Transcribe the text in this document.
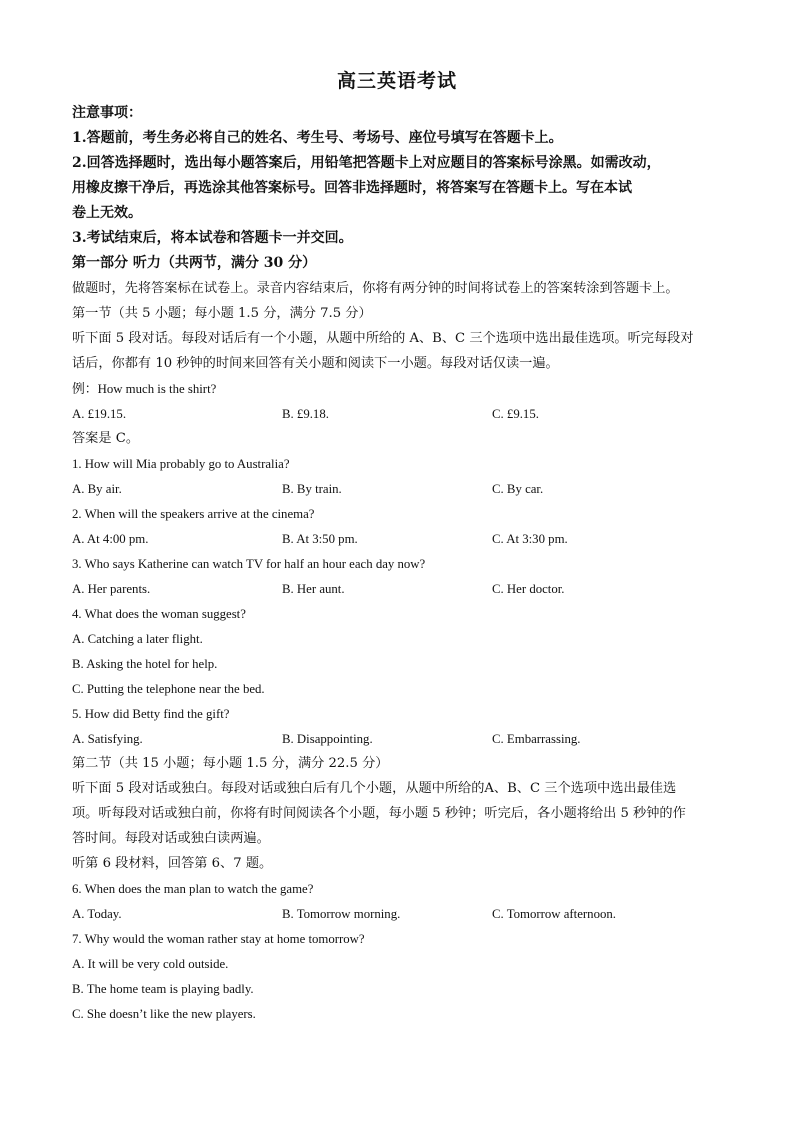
高三英语考试
注意事项：
1.答题前，考生务必将自己的姓名、考生号、考场号、座位号填写在答题卡上。
2.回答选择题时，选出每小题答案后，用铅笔把答题卡上对应题目的答案标号涂黑。如需改动，
用橡皮擦干净后，再选涂其他答案标号。回答非选择题时，将答案写在答题卡上。写在本试
卷上无效。
3.考试结束后，将本试卷和答题卡一并交回。
第一部分 听力（共两节，满分 30 分）
做题时，先将答案标在试卷上。录音内容结束后，你将有两分钟的时间将试卷上的答案转涂到答题卡上。
第一节（共 5 小题；每小题 1.5 分，满分 7.5 分）
听下面 5 段对话。每段对话后有一个小题，从题中所给的 A、B、C 三个选项中选出最佳选项。听完每段对
话后，你都有 10 秒钟的时间来回答有关小题和阅读下一小题。每段对话仅读一遍。
例：How much is the shirt?
A. £19.15.	B. £9.18.	C. £9.15.
答案是 C。
1. How will Mia probably go to Australia?
A. By air.	B. By train.	C. By car.
2. When will the speakers arrive at the cinema?
A. At 4:00 pm.	B. At 3:50 pm.	C. At 3:30 pm.
3. Who says Katherine can watch TV for half an hour each day now?
A. Her parents.	B. Her aunt.	C. Her doctor.
4. What does the woman suggest?
A. Catching a later flight.
B. Asking the hotel for help.
C. Putting the telephone near the bed.
5. How did Betty find the gift?
A. Satisfying.	B. Disappointing.	C. Embarrassing.
第二节（共 15 小题；每小题 1.5 分，满分 22.5 分）
听下面 5 段对话或独白。每段对话或独白后有几个小题，从题中所给的A、B、C 三个选项中选出最佳选
项。听每段对话或独白前，你将有时间阅读各个小题，每小题 5 秒钟；听完后，各小题将给出 5 秒钟的作
答时间。每段对话或独白读两遍。
听第 6 段材料，回答第 6、7 题。
6. When does the man plan to watch the game?
A. Today.	B. Tomorrow morning.	C. Tomorrow afternoon.
7. Why would the woman rather stay at home tomorrow?
A. It will be very cold outside.
B. The home team is playing badly.
C. She doesn’t like the new players.
